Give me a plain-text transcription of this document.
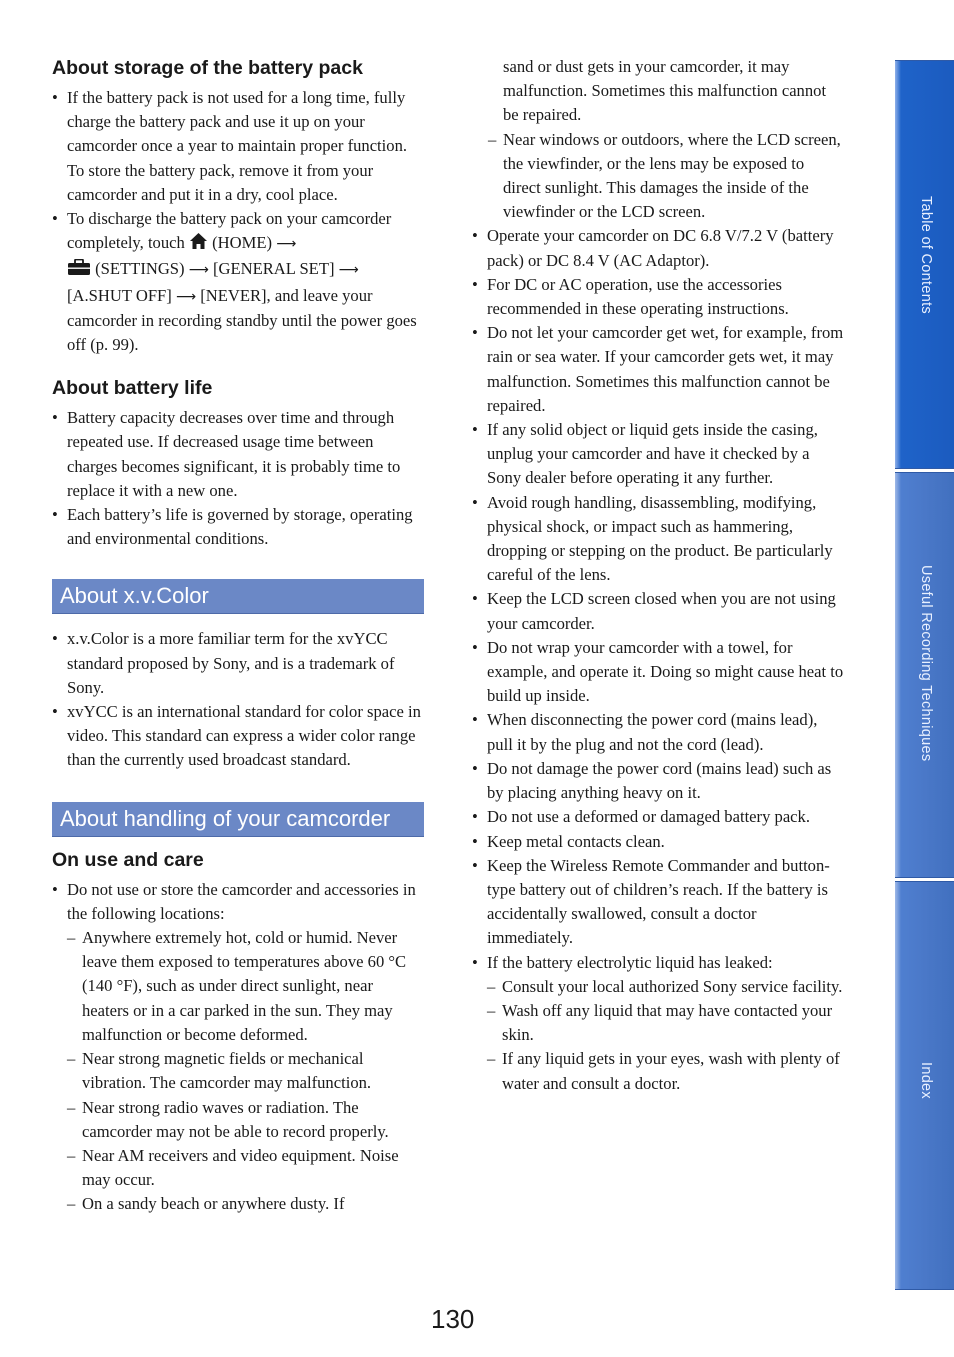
About storage of the battery pack
• If the battery pack is not used for a long time, fully charge the battery pack and use it up on your camcorder once a year to maintain proper function. To store the battery pack, remove it from your camcorder and put it in a dry, cool place.
• To discharge the battery pack on your camcorder completely, touch (HOME) ⟶
(SETTINGS) ⟶ [GENERAL SET] ⟶
[A.SHUT OFF] ⟶ [NEVER], and leave your camcorder in recording standby until the power goes off (p. 99).
About battery life
• Battery capacity decreases over time and through repeated use. If decreased usage time between charges becomes significant, it is probably time to replace it with a new one.
• Each battery’s life is governed by storage, operating and environmental conditions.
About x.v.Color
• x.v.Color is a more familiar term for the xvYCC standard proposed by Sony, and is a trademark of Sony.
• xvYCC is an international standard for color space in video. This standard can express a wider color range than the currently used broadcast standard.
About handling of your camcorder
On use and care
• Do not use or store the camcorder and accessories in the following locations:
– Anywhere extremely hot, cold or humid. Never leave them exposed to temperatures above 60 °C (140 °F), such as under direct sunlight, near heaters or in a car parked in the sun. They may malfunction or become deformed.
– Near strong magnetic fields or mechanical vibration. The camcorder may malfunction.
– Near strong radio waves or radiation. The camcorder may not be able to record properly.
– Near AM receivers and video equipment. Noise may occur.
– On a sandy beach or anywhere dusty. If
sand or dust gets in your camcorder, it may malfunction. Sometimes this malfunction cannot be repaired.
– Near windows or outdoors, where the LCD screen, the viewfinder, or the lens may be exposed to direct sunlight. This damages the inside of the viewfinder or the LCD screen.
• Operate your camcorder on DC 6.8 V/7.2 V (battery pack) or DC 8.4 V (AC Adaptor).
• For DC or AC operation, use the accessories recommended in these operating instructions.
• Do not let your camcorder get wet, for example, from rain or sea water. If your camcorder gets wet, it may malfunction. Sometimes this malfunction cannot be repaired.
• If any solid object or liquid gets inside the casing, unplug your camcorder and have it checked by a Sony dealer before operating it any further.
• Avoid rough handling, disassembling, modifying, physical shock, or impact such as hammering, dropping or stepping on the product. Be particularly careful of the lens.
• Keep the LCD screen closed when you are not using your camcorder.
• Do not wrap your camcorder with a towel, for example, and operate it. Doing so might cause heat to build up inside.
• When disconnecting the power cord (mains lead), pull it by the plug and not the cord (lead).
• Do not damage the power cord (mains lead) such as by placing anything heavy on it.
• Do not use a deformed or damaged battery pack.
• Keep metal contacts clean.
• Keep the Wireless Remote Commander and button-type battery out of children’s reach. If the battery is accidentally swallowed, consult a doctor immediately.
• If the battery electrolytic liquid has leaked:
– Consult your local authorized Sony service facility.
– Wash off any liquid that may have contacted your skin.
– If any liquid gets in your eyes, wash with plenty of water and consult a doctor.
Table of Contents
Useful Recording Techniques
Index
130
